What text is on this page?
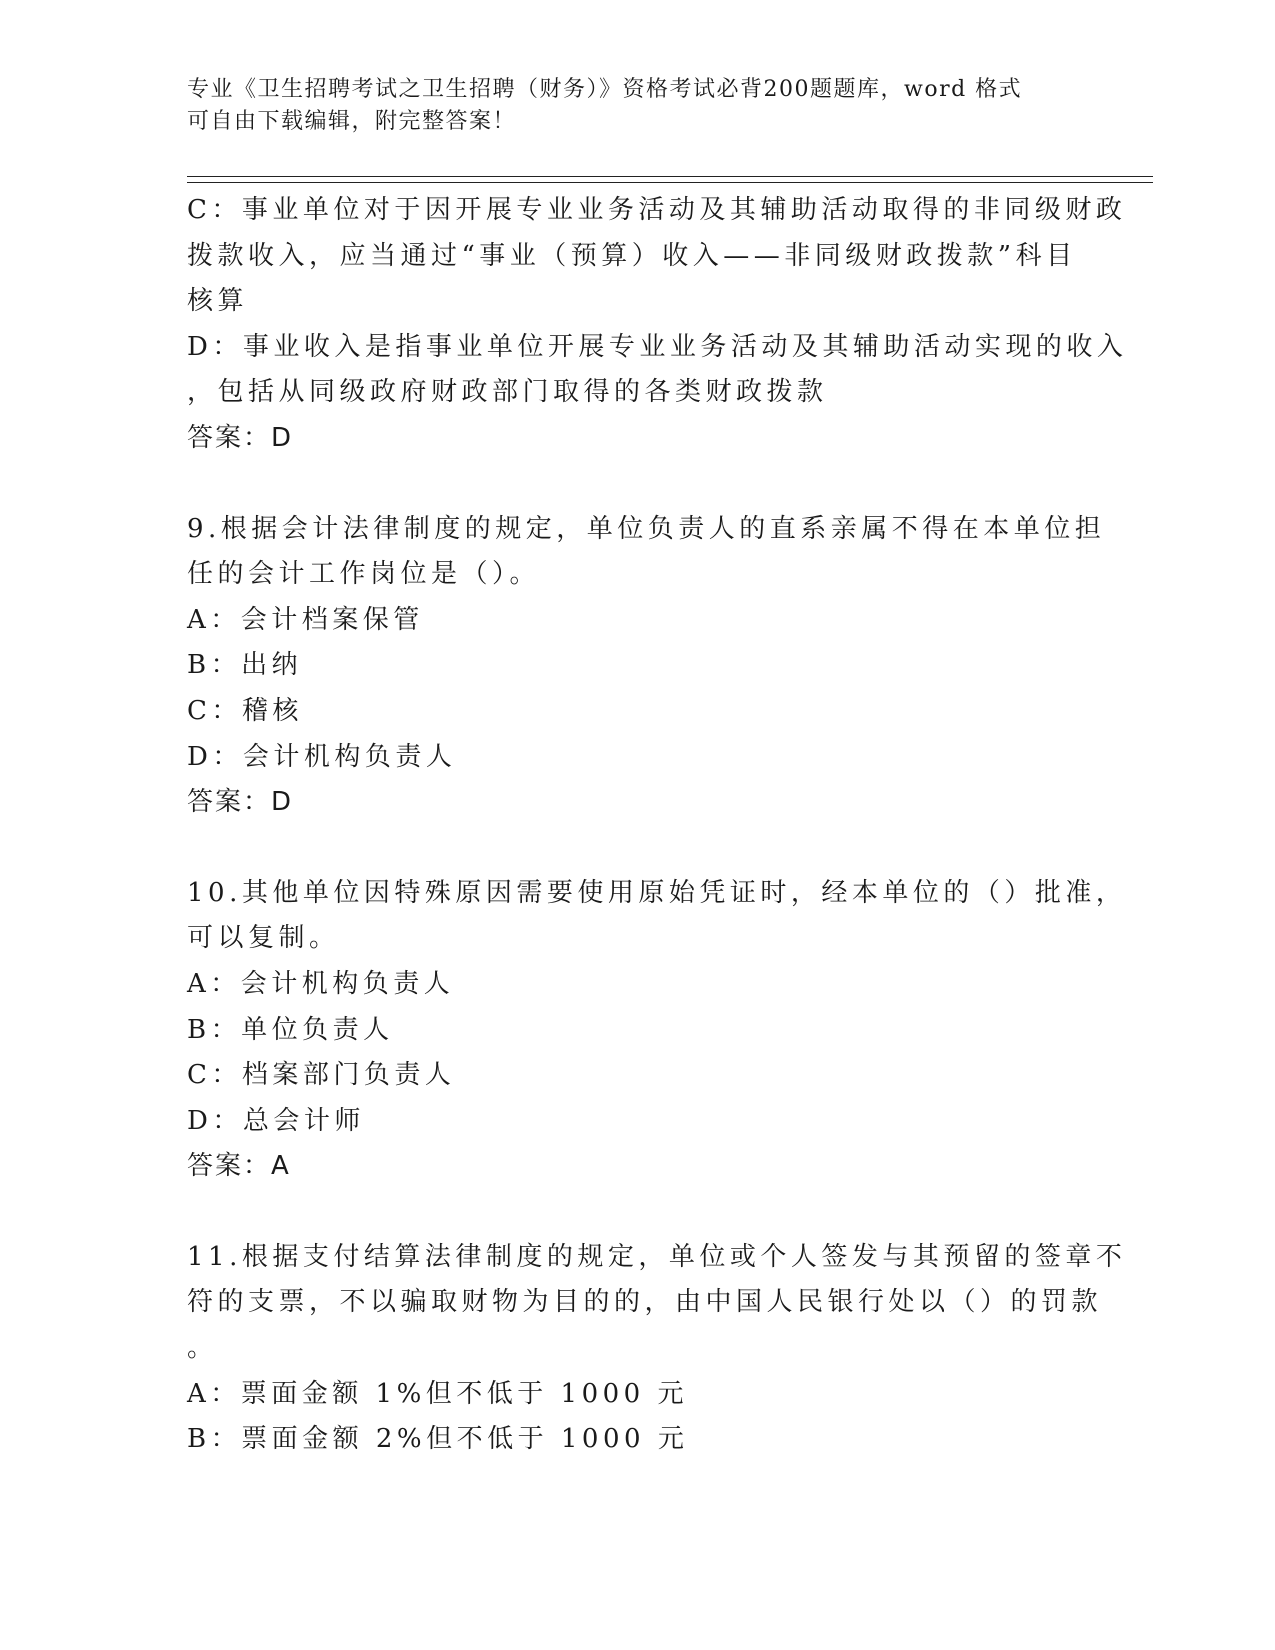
专业《卫生招聘考试之卫生招聘（财务）》资格考试必背200题题库，word 格式
可自由下载编辑，附完整答案！
C：事业单位对于因开展专业业务活动及其辅助活动取得的非同级财政
拨款收入，应当通过“事业（预算）收入——非同级财政拨款”科目
核算
D：事业收入是指事业单位开展专业业务活动及其辅助活动实现的收入
，包括从同级政府财政部门取得的各类财政拨款
答案：D
9.根据会计法律制度的规定，单位负责人的直系亲属不得在本单位担
任的会计工作岗位是（）。
A：会计档案保管
B：出纳
C：稽核
D：会计机构负责人
答案：D
10.其他单位因特殊原因需要使用原始凭证时，经本单位的（）批准，
可以复制。
A：会计机构负责人
B：单位负责人
C：档案部门负责人
D：总会计师
答案：A
11.根据支付结算法律制度的规定，单位或个人签发与其预留的签章不
符的支票，不以骗取财物为目的的，由中国人民银行处以（）的罚款
。
A：票面金额 1%但不低于 1000 元
B：票面金额 2%但不低于 1000 元
